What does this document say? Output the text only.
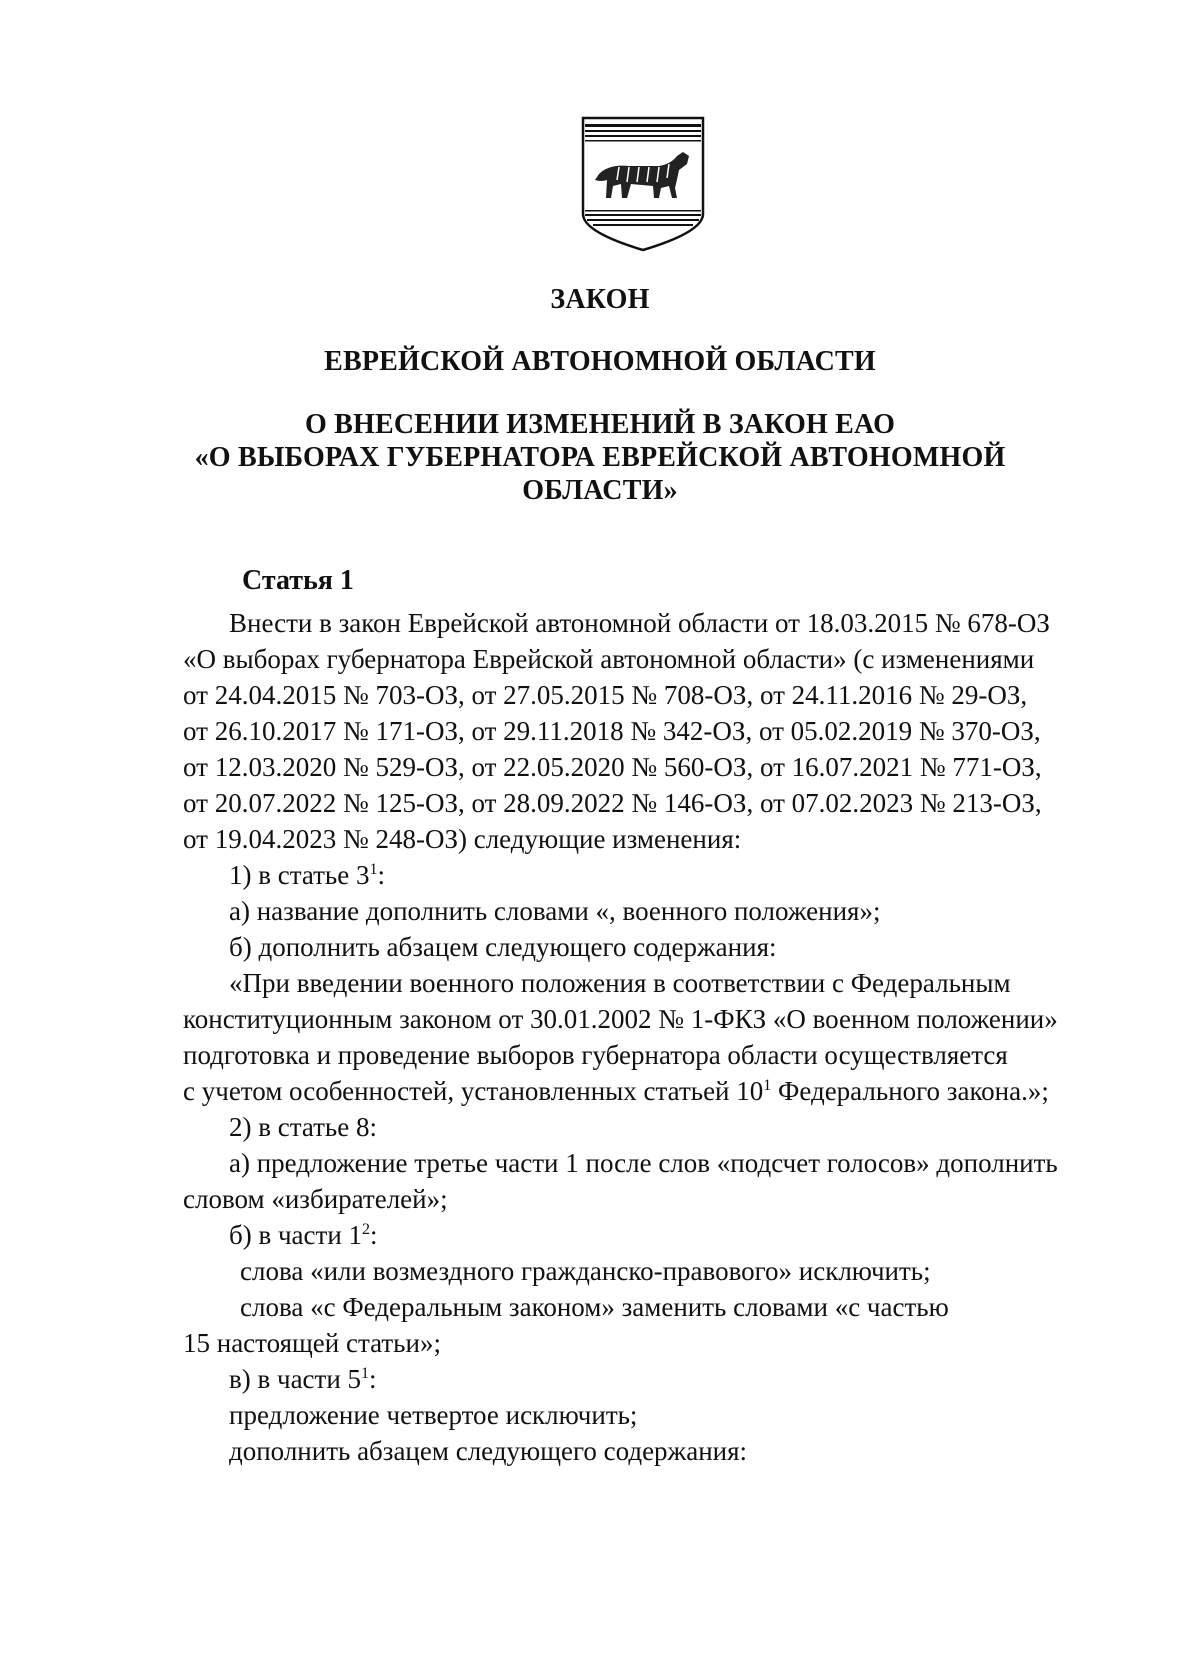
ЗАКОН
ЕВРЕЙСКОЙ АВТОНОМНОЙ ОБЛАСТИ
О ВНЕСЕНИИ ИЗМЕНЕНИЙ В ЗАКОН ЕАО
«О ВЫБОРАХ ГУБЕРНАТОРА ЕВРЕЙСКОЙ АВТОНОМНОЙ
ОБЛАСТИ»
Статья 1
Внести в закон Еврейской автономной области от 18.03.2015 № 678-ОЗ
«О выборах губернатора Еврейской автономной области» (с изменениями
от 24.04.2015 № 703-ОЗ, от 27.05.2015 № 708-ОЗ, от 24.11.2016 № 29-ОЗ,
от 26.10.2017 № 171-ОЗ, от 29.11.2018 № 342-ОЗ, от 05.02.2019 № 370-ОЗ,
от 12.03.2020 № 529-ОЗ, от 22.05.2020 № 560-ОЗ, от 16.07.2021 № 771-ОЗ,
от 20.07.2022 № 125-ОЗ, от 28.09.2022 № 146-ОЗ, от 07.02.2023 № 213-ОЗ,
от 19.04.2023 № 248-ОЗ) следующие изменения:
1) в статье $3^1$:
а) название дополнить словами «, военного положения»;
б) дополнить абзацем следующего содержания:
«При введении военного положения в соответствии с Федеральным
конституционным законом от 30.01.2002 № 1-ФКЗ «О военном положении»
подготовка и проведение выборов губернатора области осуществляется
с учетом особенностей, установленных статьей $10^1$ Федерального закона.»;
2) в статье 8:
а) предложение третье части 1 после слов «подсчет голосов» дополнить
словом «избирателей»;
б) в части $1^2$:
слова «или возмездного гражданско-правового» исключить;
слова «с Федеральным законом» заменить словами «с частью
15 настоящей статьи»;
в) в части $5^1$:
предложение четвертое исключить;
дополнить абзацем следующего содержания:
